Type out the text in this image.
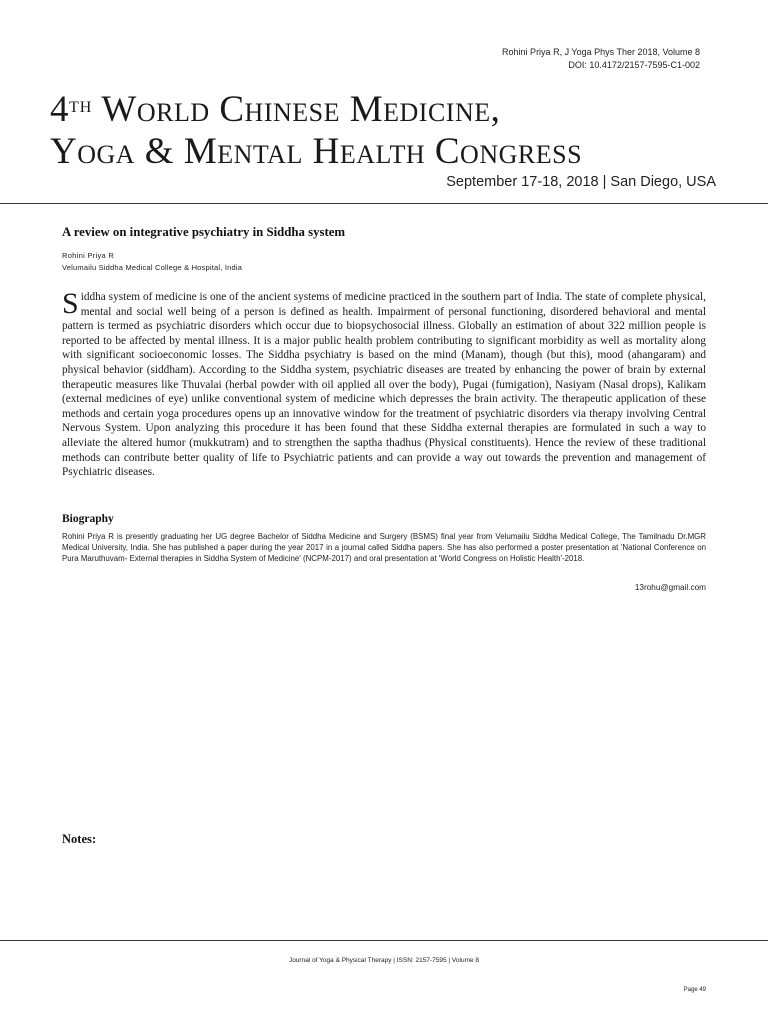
Rohini Priya R, J Yoga Phys Ther 2018, Volume 8
DOI: 10.4172/2157-7595-C1-002
4th World Chinese Medicine,
Yoga & Mental Health Congress
September 17-18, 2018 | San Diego, USA
A review on integrative psychiatry in Siddha system
Rohini Priya R
Velumailu Siddha Medical College & Hospital, India

Siddha system of medicine is one of the ancient systems of medicine practiced in the southern part of India. The state of complete physical, mental and social well being of a person is defined as health. Impairment of personal functioning, disordered behavioral and mental pattern is termed as psychiatric disorders which occur due to biopsychosocial illness. Globally an estimation of about 322 million people is reported to be affected by mental illness. It is a major public health problem contributing to significant morbidity as well as mortality along with significant socioeconomic losses. The Siddha psychiatry is based on the mind (Manam), though (but this), mood (ahangaram) and physical behavior (siddham). According to the Siddha system, psychiatric diseases are treated by enhancing the power of brain by external therapeutic measures like Thuvalai (herbal powder with oil applied all over the body), Pugai (fumigation), Nasiyam (Nasal drops), Kalikam (external medicines of eye) unlike conventional system of medicine which depresses the brain activity. The therapeutic application of these methods and certain yoga procedures opens up an innovative window for the treatment of psychiatric disorders via therapy involving Central Nervous System. Upon analyzing this procedure it has been found that these Siddha external therapies are formulated in such a way to alleviate the altered humor (mukkutram) and to strengthen the saptha thadhus (Physical constituents). Hence the review of these traditional methods can contribute better quality of life to Psychiatric patients and can provide a way out towards the prevention and management of Psychiatric diseases.

Biography

Rohini Priya R is presently graduating her UG degree Bachelor of Siddha Medicine and Surgery (BSMS) final year from Velumailu Siddha Medical College, The Tamilnadu Dr.MGR Medical University, India. She has published a paper during the year 2017 in a journal called Siddha papers. She has also performed a poster presentation at 'National Conference on Pura Maruthuvam- External therapies in Siddha System of Medicine' (NCPM-2017) and oral presentation at 'World Congress on Holistic Health'-2018.

13rohu@gmail.com
Notes:
Journal of Yoga & Physical Therapy | ISSN: 2157-7595 | Volume 8
Page 49
